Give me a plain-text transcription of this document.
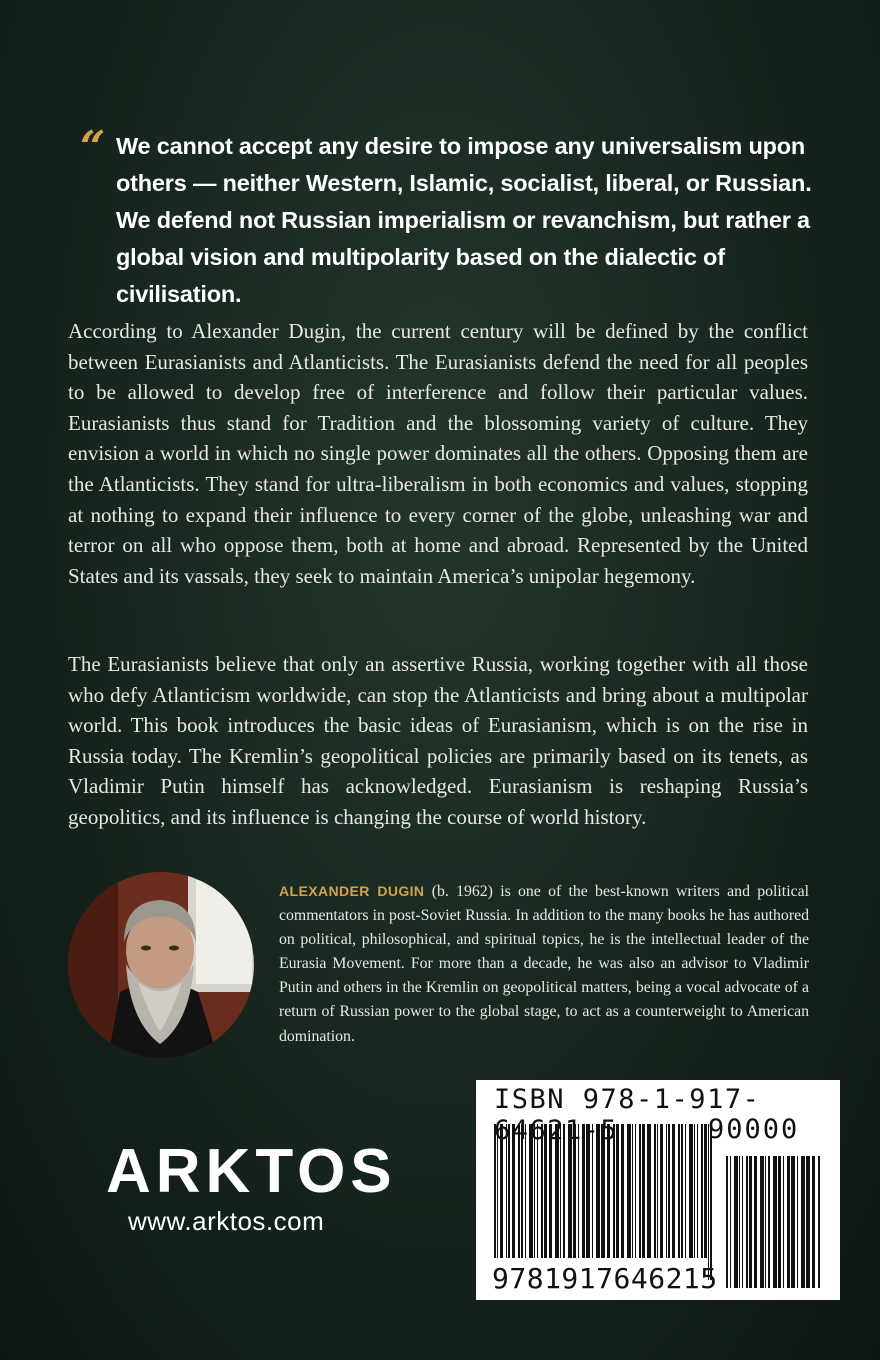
“ We cannot accept any desire to impose any universalism upon others — neither Western, Islamic, socialist, liberal, or Russian. We defend not Russian imperialism or revanchism, but rather a global vision and multipolarity based on the dialectic of civilisation.

According to Alexander Dugin, the current century will be defined by the conflict between Eurasianists and Atlanticists. The Eurasianists defend the need for all peoples to be allowed to develop free of interference and follow their particular values. Eurasianists thus stand for Tradition and the blossoming variety of culture. They envision a world in which no single power dominates all the others. Opposing them are the Atlanticists. They stand for ultra-liberalism in both economics and values, stopping at nothing to expand their influence to every corner of the globe, unleashing war and terror on all who oppose them, both at home and abroad. Represented by the United States and its vassals, they seek to maintain America’s unipolar hegemony.

The Eurasianists believe that only an assertive Russia, working together with all those who defy Atlanticism worldwide, can stop the Atlanticists and bring about a multipolar world. This book introduces the basic ideas of Eurasianism, which is on the rise in Russia today. The Kremlin’s geopolitical policies are primarily based on its tenets, as Vladimir Putin himself has acknowledged. Eurasianism is reshaping Russia’s geopolitics, and its influence is changing the course of world history.

ALEXANDER DUGIN (b. 1962) is one of the best-known writers and political commentators in post-Soviet Russia. In addition to the many books he has authored on political, philosophical, and spiritual topics, he is the intellectual leader of the Eurasia Movement. For more than a decade, he was also an advisor to Vladimir Putin and others in the Kremlin on geopolitical matters, being a vocal advocate of a return of Russian power to the global stage, to act as a counterweight to American domination.

ARKTOS
www.arktos.com
ISBN 978-1-917-64621-5	90000
9781917646215
